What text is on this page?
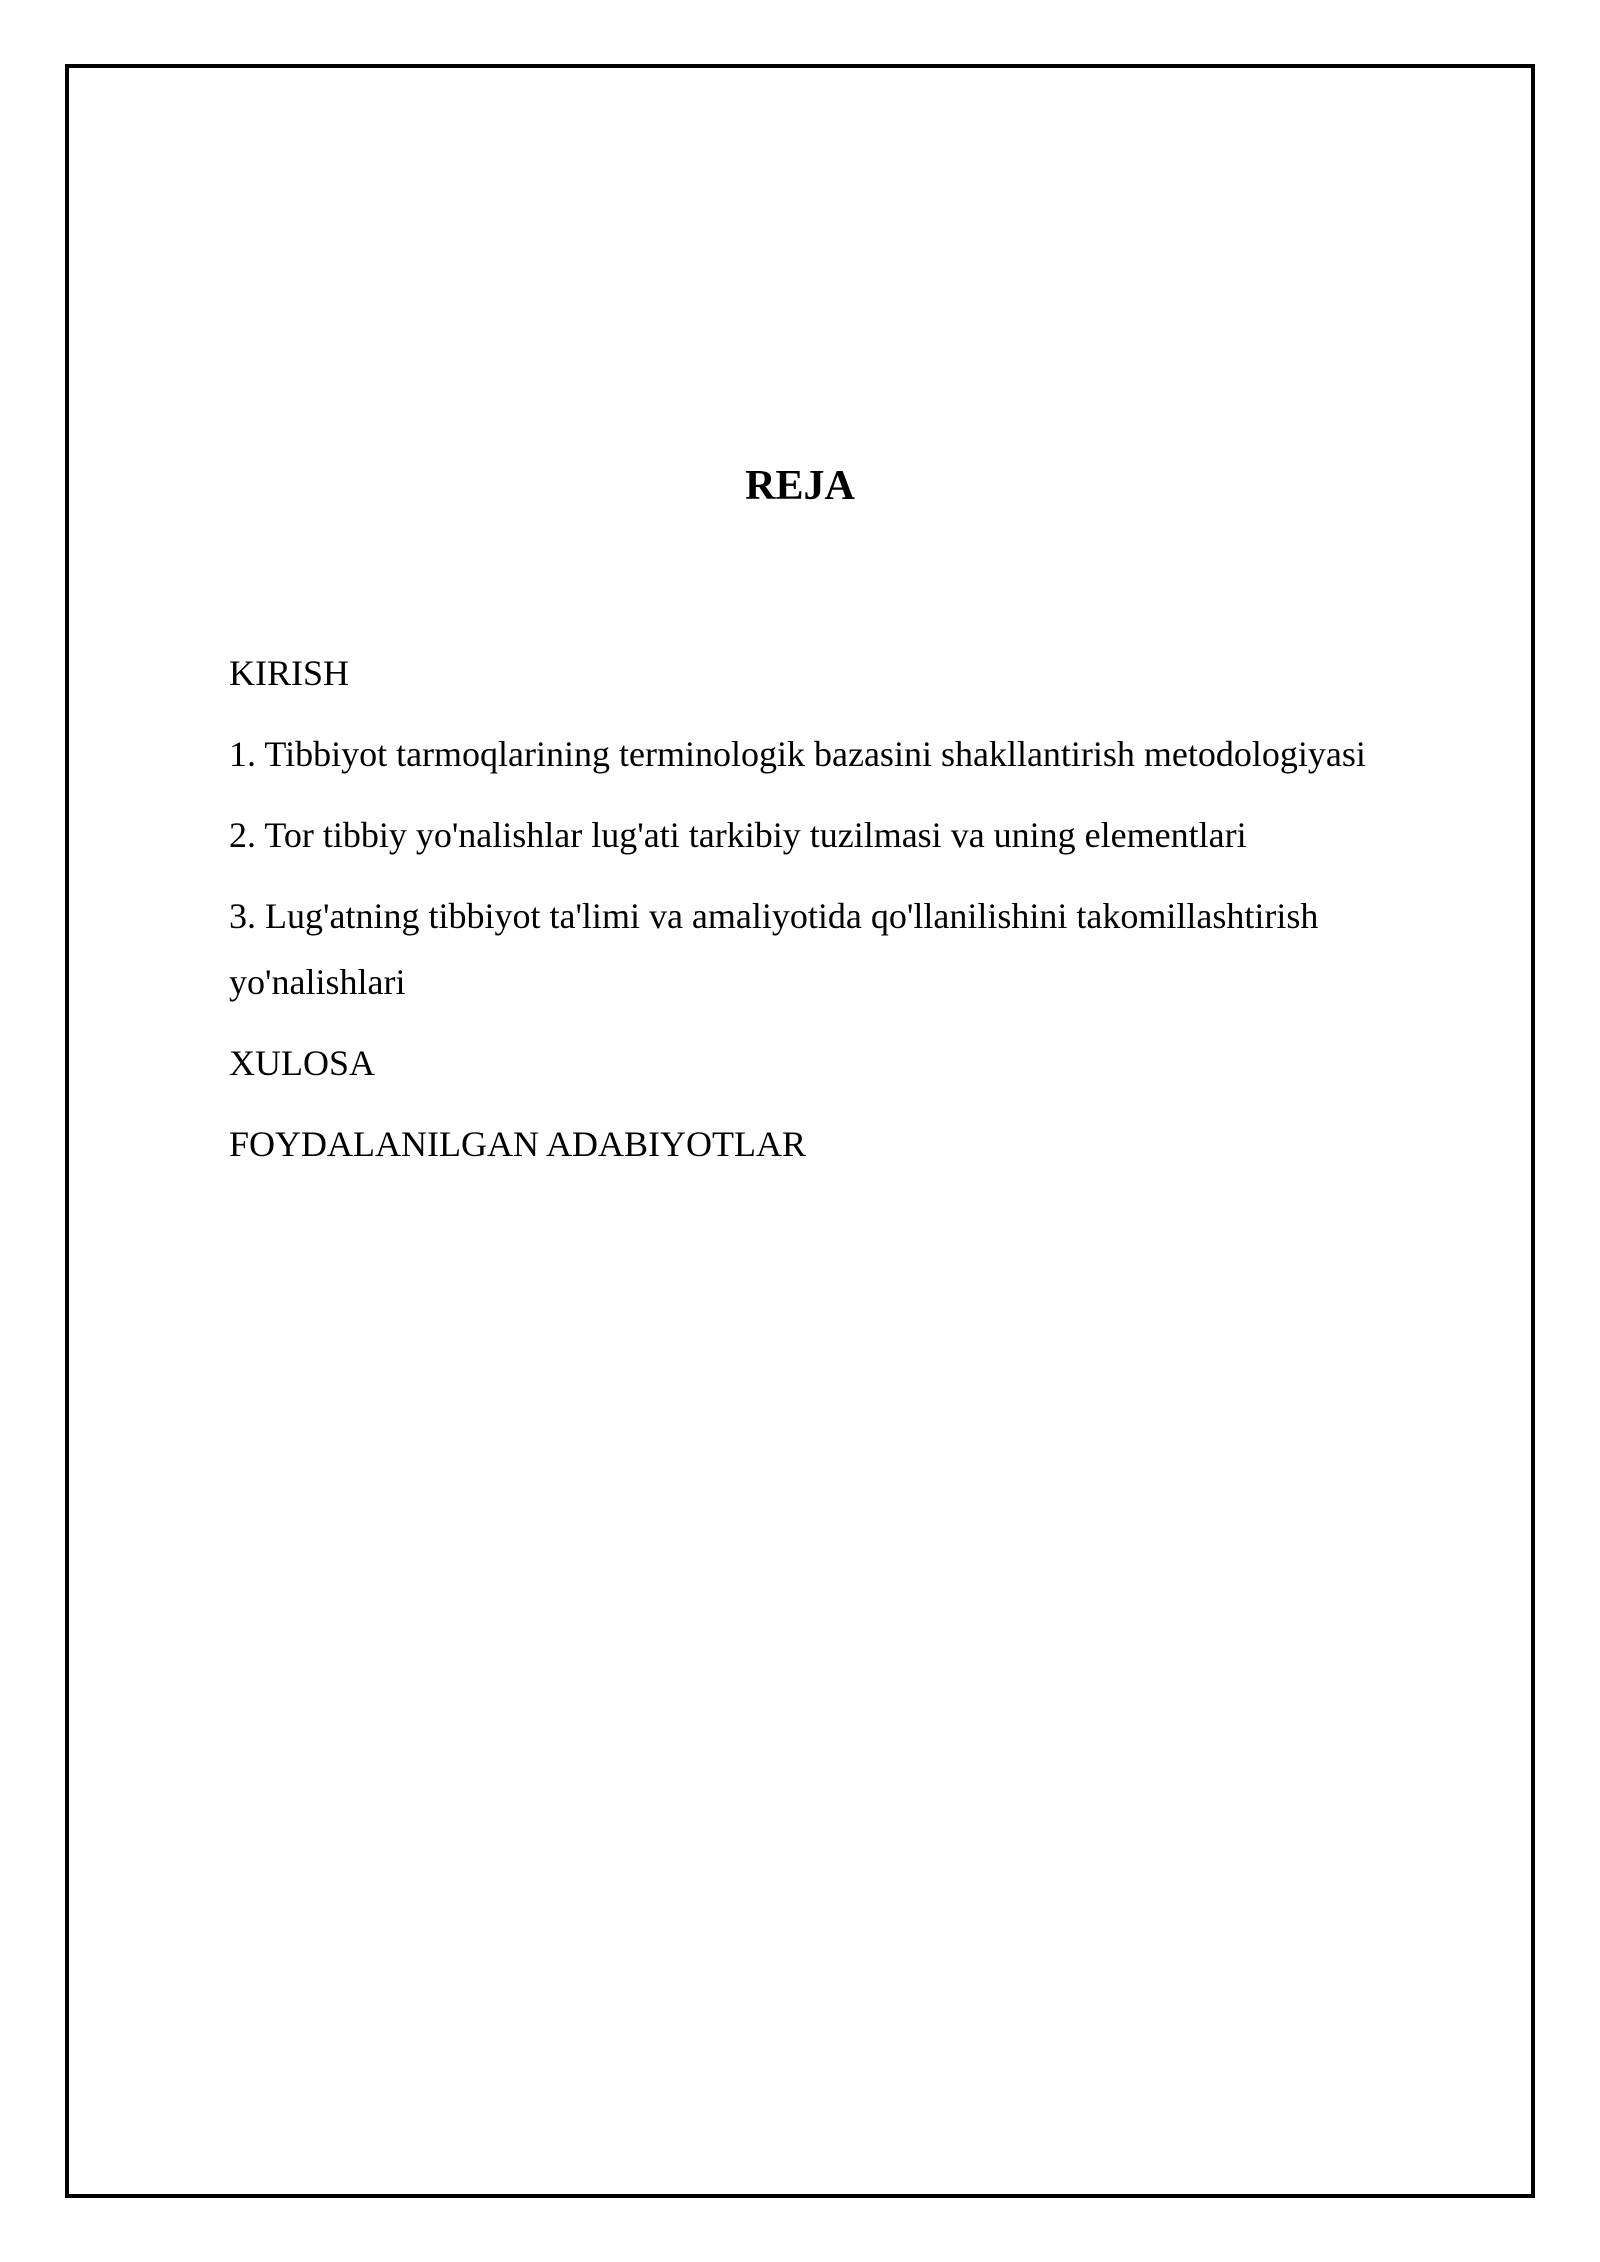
REJA
KIRISH
1. Tibbiyot tarmoqlarining terminologik bazasini shakllantirish metodologiyasi
2. Tor tibbiy yo'nalishlar lug'ati tarkibiy tuzilmasi va uning elementlari
3. Lug'atning tibbiyot ta'limi va amaliyotida qo'llanilishini takomillashtirish yo'nalishlari
XULOSA
FOYDALANILGAN ADABIYOTLAR
